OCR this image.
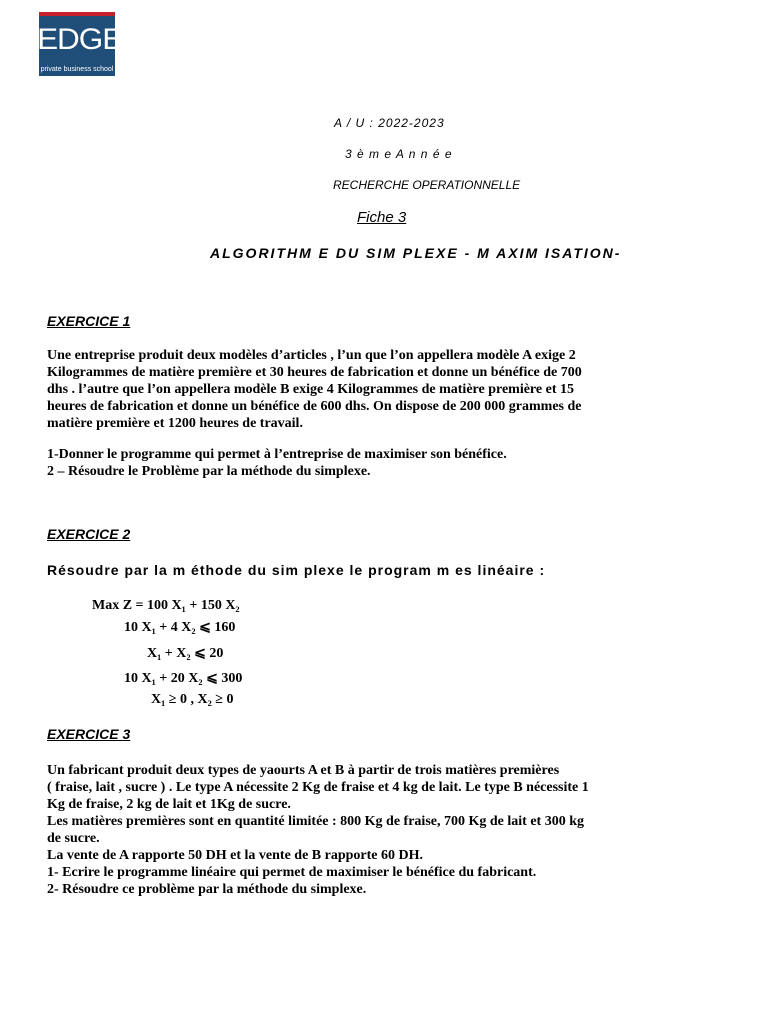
EDGE
private business school
A / U : 2022-2023
3 è m e A n n é e
RECHERCHE OPERATIONNELLE
Fiche 3
ALGORITHM E DU SIM PLEXE - M AXIM ISATION-
EXERCICE 1
Une entreprise produit deux modèles d’articles , l’un que l’on appellera modèle A exige 2
Kilogrammes de matière première et 30 heures de fabrication et donne un bénéfice de 700
dhs . l’autre que l’on appellera modèle B exige 4 Kilogrammes de matière première et 15
heures de fabrication et donne un bénéfice de 600 dhs. On dispose de 200 000 grammes de
matière première et 1200 heures de travail.
1-Donner le programme qui permet à l’entreprise de maximiser son bénéfice.
2 – Résoudre le Problème par la méthode du simplexe.
EXERCICE 2
Résoudre par la m éthode du sim plexe le program m es linéaire :
Max Z = 100 X₁ + 150 X₂
10 X₁ + 4 X₂ ⩽ 160
X₁ + X₂ ⩽ 20
10 X₁ + 20 X₂ ⩽ 300
X₁ ≥ 0 , X₂ ≥ 0
EXERCICE 3
Un fabricant produit deux types de yaourts A et B à partir de trois matières premières
( fraise, lait , sucre ) . Le type A nécessite 2 Kg de fraise et 4 kg de lait. Le type B nécessite 1
Kg de fraise, 2 kg de lait et 1Kg de sucre.
Les matières premières sont en quantité limitée : 800 Kg de fraise, 700 Kg de lait et 300 kg
de sucre.
La vente de A rapporte 50 DH et la vente de B rapporte 60 DH.
1- Ecrire le programme linéaire qui permet de maximiser le bénéfice du fabricant.
2- Résoudre ce problème par la méthode du simplexe.
